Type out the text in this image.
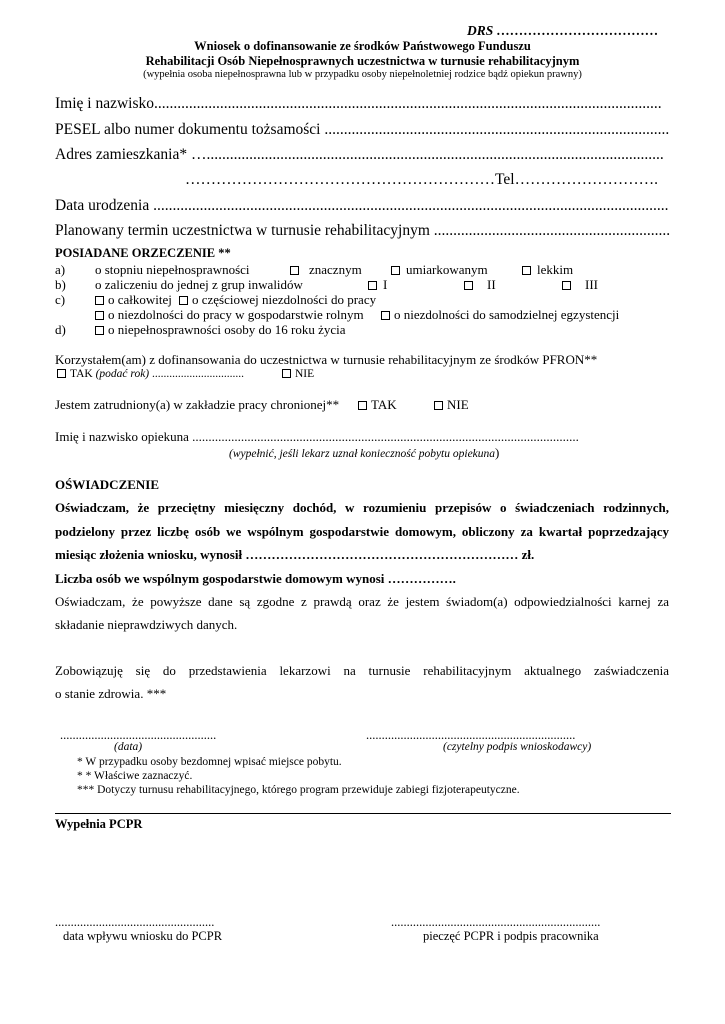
DRS ………………………………
Wniosek o dofinansowanie ze środków Państwowego Funduszu
Rehabilitacji Osób Niepełnosprawnych uczestnictwa w turnusie rehabilitacyjnym
(wypełnia osoba niepełnosprawna lub w przypadku osoby niepełnoletniej rodzice bądź opiekun prawny)
Imię i nazwisko...................................................................................................................................
PESEL albo numer dokumentu tożsamości .........................................................................................
Adres zamieszkania* …......................................................................................................................
……………………………………………………Tel……………………….
Data urodzenia .....................................................................................................................................
Planowany termin uczestnictwa w turnusie rehabilitacyjnym .............................................................
POSIADANE ORZECZENIE **
a) o stopniu niepełnosprawności	znacznym	umiarkowanym	lekkim
b) o zaliczeniu do jednej z grup inwalidów	I	II	III
c)	o całkowitej	o częściowej niezdolności do pracy
o niezdolności do pracy w gospodarstwie rolnym	o niezdolności do samodzielnej egzystencji
d)	o niepełnosprawności osoby do 16 roku życia
Korzystałem(am) z dofinansowania do uczestnictwa w turnusie rehabilitacyjnym ze środków PFRON**
TAK (podać rok) ................................	NIE
Jestem zatrudniony(a) w zakładzie pracy chronionej**	TAK	NIE
Imię i nazwisko opiekuna .......................................................................................................................
(wypełnić, jeśli lekarz uznał konieczność pobytu opiekuna)
OŚWIADCZENIE
Oświadczam, że przeciętny miesięczny dochód, w rozumieniu przepisów o świadczeniach rodzinnych,
podzielony przez liczbę osób we wspólnym gospodarstwie domowym, obliczony za kwartał poprzedzający
miesiąc złożenia wniosku, wynosił ……………………………………………………… zł.
Liczba osób we wspólnym gospodarstwie domowym wynosi …………….
Oświadczam, że powyższe dane są zgodne z prawdą oraz że jestem świadom(a) odpowiedzialności karnej za
składanie nieprawdziwych danych.
Zobowiązuję się do przedstawienia lekarzowi na turnusie rehabilitacyjnym aktualnego zaświadczenia
o stanie zdrowia. ***
..................................................	...................................................................
(data)	(czytelny podpis wnioskodawcy)
* W przypadku osoby bezdomnej wpisać miejsce pobytu.
* * Właściwe zaznaczyć.
*** Dotyczy turnusu rehabilitacyjnego, którego program przewiduje zabiegi fizjoterapeutyczne.
Wypełnia PCPR
...................................................	...................................................................
data wpływu wniosku do PCPR	pieczęć PCPR i podpis pracownika
